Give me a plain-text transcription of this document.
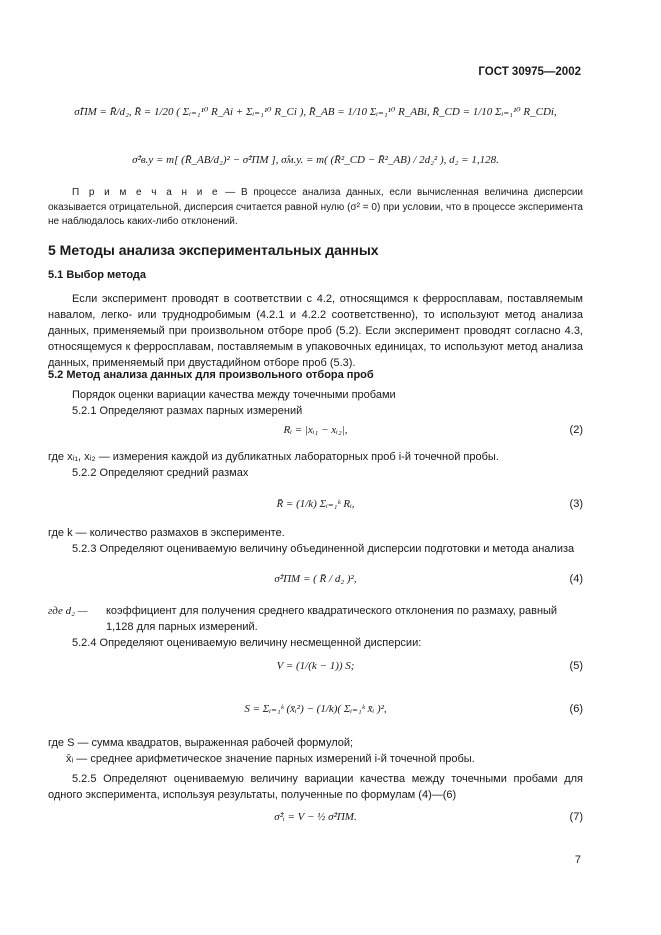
ГОСТ 30975—2002
σ̂ПМ = R̄/d₂, R̄ = 1/20 ( Σᵢ₌₁¹⁰ R_Ai + Σᵢ₌₁¹⁰ R_Ci ), R̄_AB = 1/10 Σᵢ₌₁¹⁰ R_ABi, R̄_CD = 1/10 Σᵢ₌₁¹⁰ R_CDi,
σ̂²в.у = m[ (R̄_AB/d₂)² − σ̂²ПМ ], σ̂м.у. = m( (R̄²_CD − R̄²_AB) / 2d₂² ), d₂ = 1,128.
П р и м е ч а н и е — В процессе анализа данных, если вычисленная величина дисперсии оказывается отрицательной, дисперсия считается равной нулю (σ² = 0) при условии, что в процессе эксперимента не наблюдалось каких-либо отклонений.
5 Методы анализа экспериментальных данных
5.1 Выбор метода

Если эксперимент проводят в соответствии с 4.2, относящимся к ферросплавам, поставляемым навалом, легко- или труднодробимым (4.2.1 и 4.2.2 соответственно), то используют метод анализа данных, применяемый при произвольном отборе проб (5.2). Если эксперимент проводят согласно 4.3, относящемуся к ферросплавам, поставляемым в упаковочных единицах, то используют метод анализа данных, применяемый при двустадийном отборе проб (5.3).

5.2 Метод анализа данных для произвольного отбора проб

Порядок оценки вариации качества между точечными пробами

5.2.1 Определяют размах парных измерений

Rᵢ = |xᵢ₁ − xᵢ₂|,	(2)

где xᵢ₁, xᵢ₂ — измерения каждой из дубликатных лабораторных проб i-й точечной пробы.

5.2.2 Определяют средний размах

R̄ = (1/k) Σᵢ₌₁ᵏ Rᵢ,	(3)

где k — количество размахов в эксперименте.

5.2.3 Определяют оцениваемую величину объединенной дисперсии подготовки и метода анализа

σ̂²ПМ = ( R̄ / d₂ )²,	(4)
где d₂ —	коэффициент для получения среднего квадратического отклонения по размаху, равный 1,128 для парных измерений.

5.2.4 Определяют оцениваемую величину несмещенной дисперсии:

V = (1/(k − 1)) S;	(5)
S = Σᵢ₌₁ᵏ (x̄ᵢ²) − (1/k)( Σᵢ₌₁ᵏ x̄ᵢ )²,	(6)

где S — сумма квадратов, выраженная рабочей формулой;

x̄ᵢ — среднее арифметическое значение парных измерений i-й точечной пробы.

5.2.5 Определяют оцениваемую величину вариации качества между точечными пробами для одного эксперимента, используя результаты, полученные по формулам (4)—(6)

σ̂²ᵢ = V − ½ σ̂²ПМ.	(7)
7
